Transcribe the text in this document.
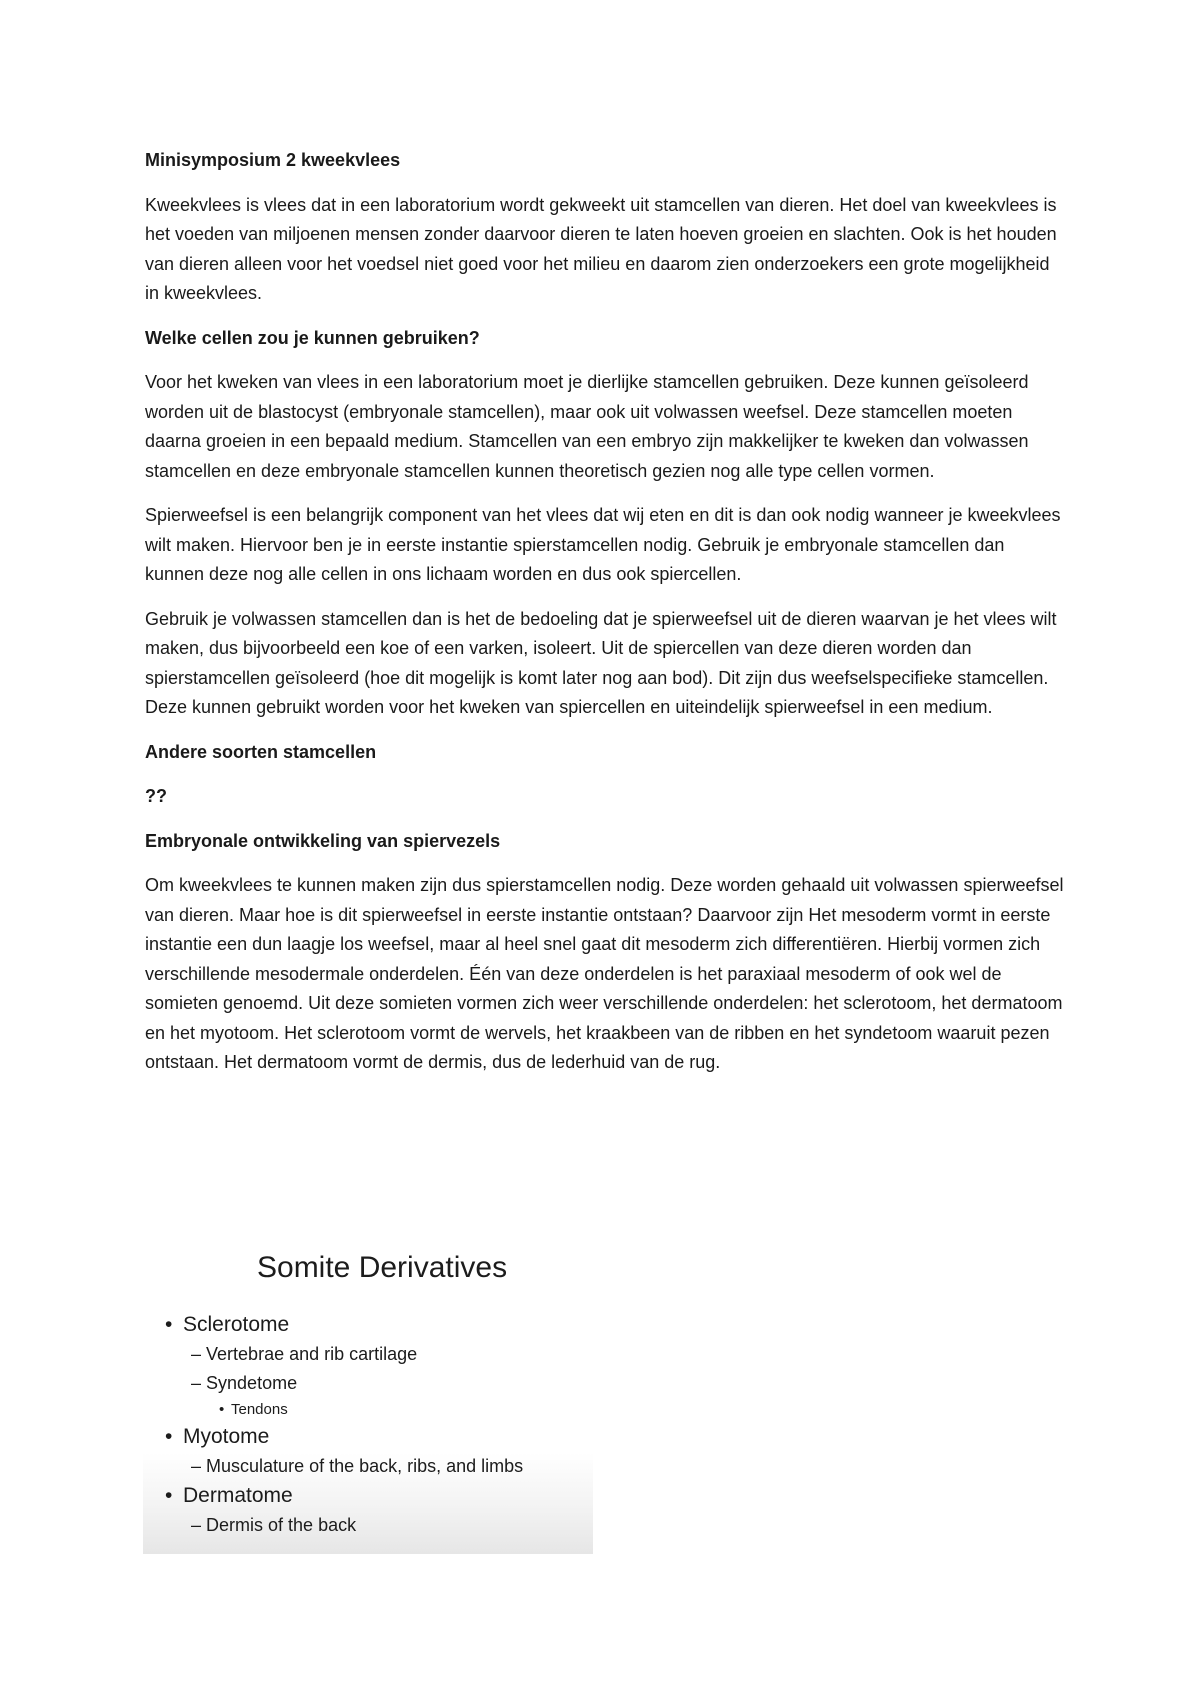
Minisymposium 2 kweekvlees

Kweekvlees is vlees dat in een laboratorium wordt gekweekt uit stamcellen van dieren. Het doel van kweekvlees is het voeden van miljoenen mensen zonder daarvoor dieren te laten hoeven groeien en slachten. Ook is het houden van dieren alleen voor het voedsel niet goed voor het milieu en daarom zien onderzoekers een grote mogelijkheid in kweekvlees.

Welke cellen zou je kunnen gebruiken?

Voor het kweken van vlees in een laboratorium moet je dierlijke stamcellen gebruiken. Deze kunnen geïsoleerd worden uit de blastocyst (embryonale stamcellen), maar ook uit volwassen weefsel. Deze stamcellen moeten daarna groeien in een bepaald medium. Stamcellen van een embryo zijn makkelijker te kweken dan volwassen stamcellen en deze embryonale stamcellen kunnen theoretisch gezien nog alle type cellen vormen.

Spierweefsel is een belangrijk component van het vlees dat wij eten en dit is dan ook nodig wanneer je kweekvlees wilt maken. Hiervoor ben je in eerste instantie spierstamcellen nodig. Gebruik je embryonale stamcellen dan kunnen deze nog alle cellen in ons lichaam worden en dus ook spiercellen.

Gebruik je volwassen stamcellen dan is het de bedoeling dat je spierweefsel uit de dieren waarvan je het vlees wilt maken, dus bijvoorbeeld een koe of een varken, isoleert. Uit de spiercellen van deze dieren worden dan spierstamcellen geïsoleerd (hoe dit mogelijk is komt later nog aan bod). Dit zijn dus weefselspecifieke stamcellen. Deze kunnen gebruikt worden voor het kweken van spiercellen en uiteindelijk spierweefsel in een medium.

Andere soorten stamcellen
??
Embryonale ontwikkeling van spiervezels

Om kweekvlees te kunnen maken zijn dus spierstamcellen nodig. Deze worden gehaald uit volwassen spierweefsel van dieren. Maar hoe is dit spierweefsel in eerste instantie ontstaan? Daarvoor zijn Het mesoderm vormt in eerste instantie een dun laagje los weefsel, maar al heel snel gaat dit mesoderm zich differentiëren. Hierbij vormen zich verschillende mesodermale onderdelen. Één van deze onderdelen is het paraxiaal mesoderm of ook wel de somieten genoemd. Uit deze somieten vormen zich weer verschillende onderdelen: het sclerotoom, het dermatoom en het myotoom. Het sclerotoom vormt de wervels, het kraakbeen van de ribben en het syndetoom waaruit pezen ontstaan. Het dermatoom vormt de dermis, dus de lederhuid van de rug.

Somite Derivatives
• Sclerotome
– Vertebrae and rib cartilage
– Syndetome
• Tendons
• Myotome
– Musculature of the back, ribs, and limbs
• Dermatome
– Dermis of the back
